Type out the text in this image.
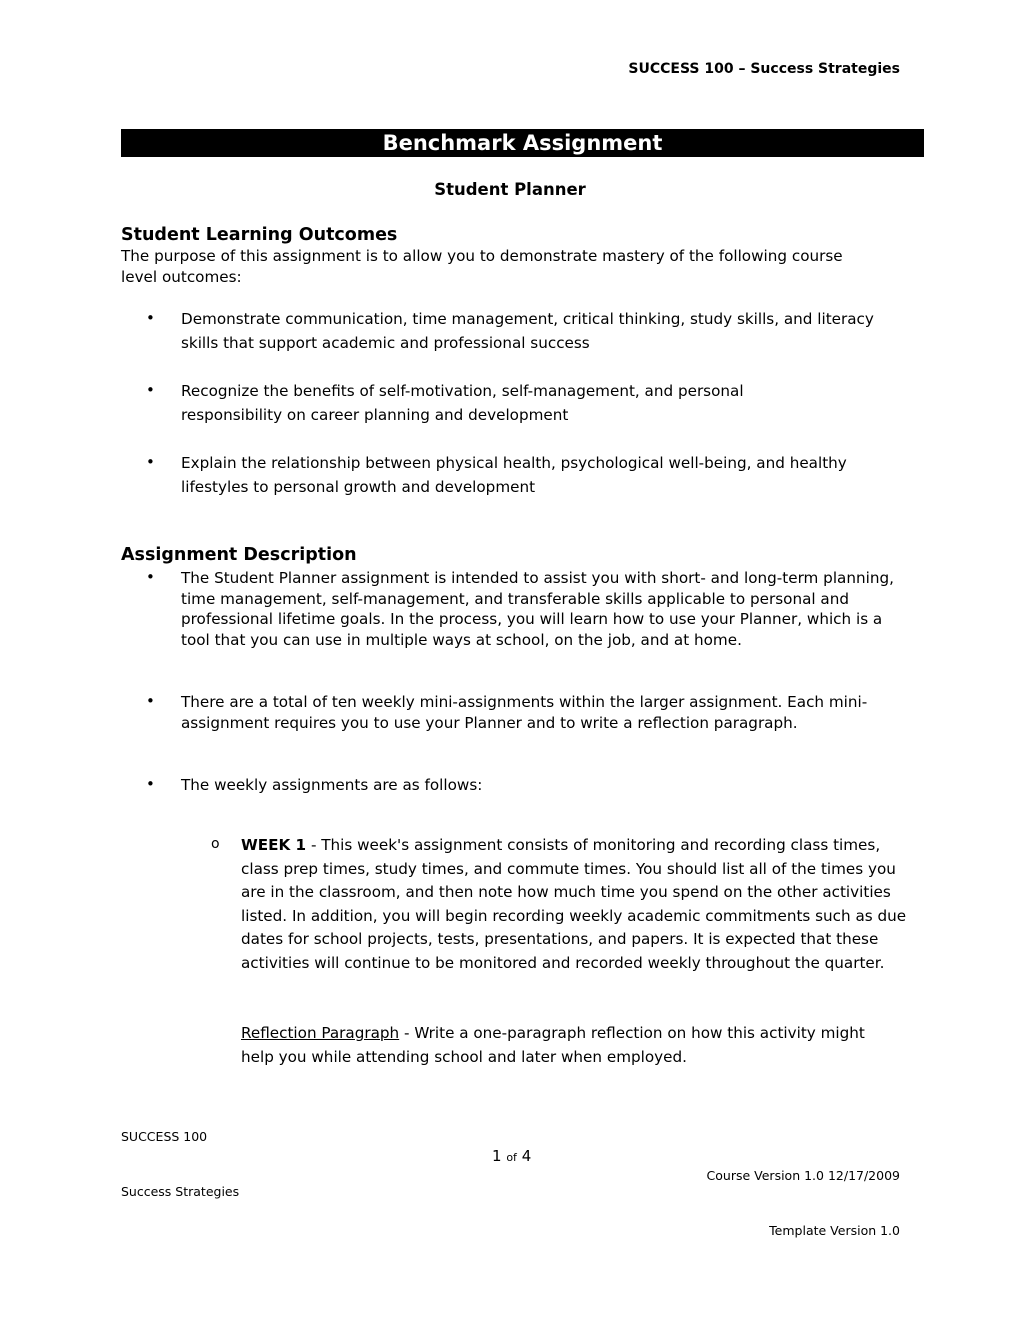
SUCCESS 100 – Success Strategies
Benchmark Assignment
Student Planner
Student Learning Outcomes
The purpose of this assignment is to allow you to demonstrate mastery of the following course level outcomes:
• Demonstrate communication, time management, critical thinking, study skills, and literacy skills that support academic and professional success
• Recognize the benefits of self-motivation, self-management, and personal responsibility on career planning and development
• Explain the relationship between physical health, psychological well-being, and healthy lifestyles to personal growth and development
Assignment Description
• The Student Planner assignment is intended to assist you with short- and long-term planning, time management, self-management, and transferable skills applicable to personal and professional lifetime goals. In the process, you will learn how to use your Planner, which is a tool that you can use in multiple ways at school, on the job, and at home.
• There are a total of ten weekly mini-assignments within the larger assignment. Each mini-assignment requires you to use your Planner and to write a reflection paragraph.
• The weekly assignments are as follows:
o WEEK 1 - This week's assignment consists of monitoring and recording class times, class prep times, study times, and commute times. You should list all of the times you are in the classroom, and then note how much time you spend on the other activities listed. In addition, you will begin recording weekly academic commitments such as due dates for school projects, tests, presentations, and papers. It is expected that these activities will continue to be monitored and recorded weekly throughout the quarter.
Reflection Paragraph - Write a one-paragraph reflection on how this activity might help you while attending school and later when employed.
SUCCESS 100
1 of 4
Course Version 1.0 12/17/2009
Success Strategies
Template Version 1.0
